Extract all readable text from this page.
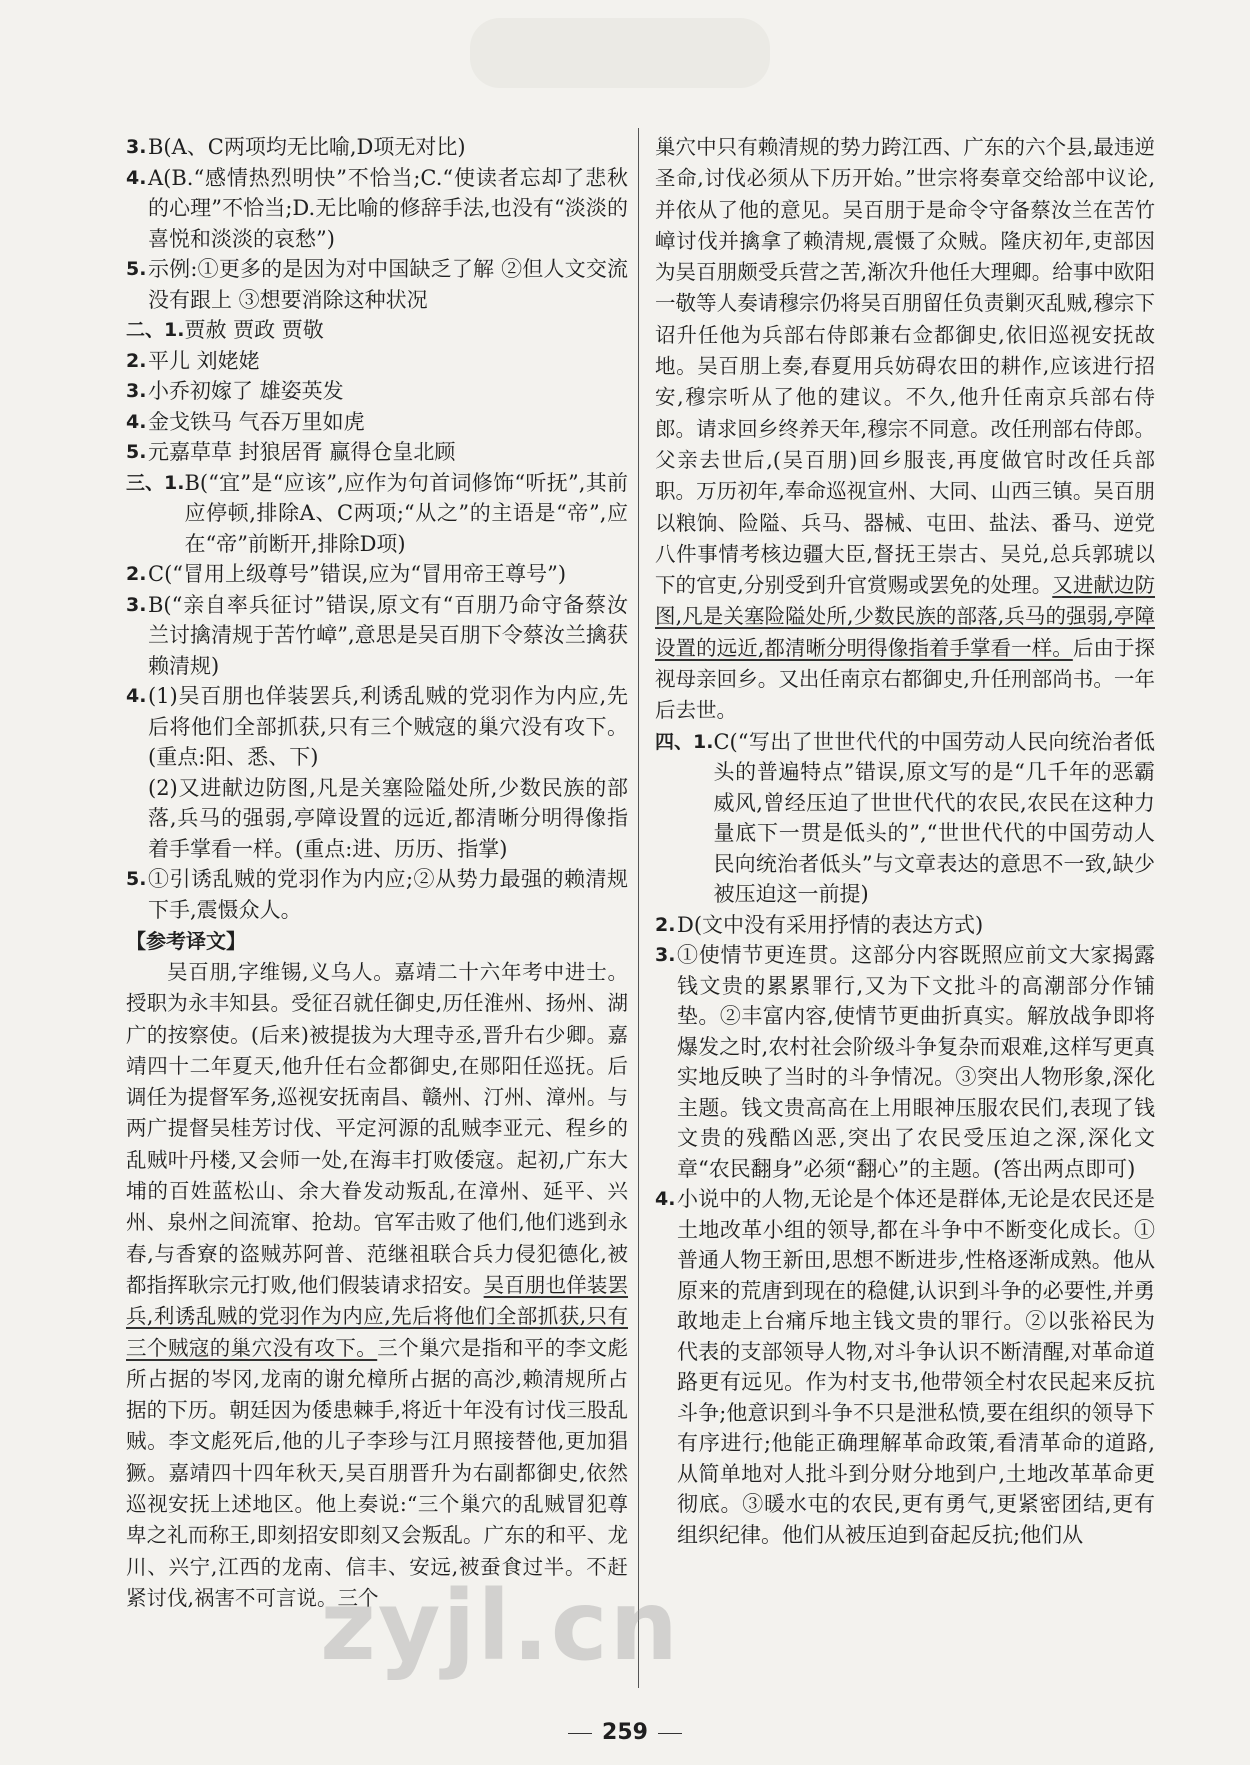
3. B(A、C两项均无比喻,D项无对比)
4. A(B.“感情热烈明快”不恰当;C.“使读者忘却了悲秋的心理”不恰当;D.无比喻的修辞手法,也没有“淡淡的喜悦和淡淡的哀愁”)
5. 示例:①更多的是因为对中国缺乏了解 ②但人文交流没有跟上 ③想要消除这种状况
二、1. 贾赦 贾政 贾敬
2. 平儿 刘姥姥
3. 小乔初嫁了 雄姿英发
4. 金戈铁马 气吞万里如虎
5. 元嘉草草 封狼居胥 赢得仓皇北顾
三、1. B(“宜”是“应该”,应作为句首词修饰“听抚”,其前应停顿,排除A、C两项;“从之”的主语是“帝”,应在“帝”前断开,排除D项)
2. C(“冒用上级尊号”错误,应为“冒用帝王尊号”)
3. B(“亲自率兵征讨”错误,原文有“百朋乃命守备蔡汝兰讨擒清规于苦竹嶂”,意思是吴百朋下令蔡汝兰擒获赖清规)
4. (1)吴百朋也佯装罢兵,利诱乱贼的党羽作为内应,先后将他们全部抓获,只有三个贼寇的巢穴没有攻下。(重点:阳、悉、下)
(2)又进献边防图,凡是关塞险隘处所,少数民族的部落,兵马的强弱,亭障设置的远近,都清晰分明得像指着手掌看一样。(重点:进、历历、指掌)
5. ①引诱乱贼的党羽作为内应;②从势力最强的赖清规下手,震慑众人。
【参考译文】
吴百朋,字维锡,义乌人。嘉靖二十六年考中进士。授职为永丰知县。受征召就任御史,历任淮州、扬州、湖广的按察使。(后来)被提拔为大理寺丞,晋升右少卿。嘉靖四十二年夏天,他升任右佥都御史,在郧阳任巡抚。后调任为提督军务,巡视安抚南昌、赣州、汀州、漳州。与两广提督吴桂芳讨伐、平定河源的乱贼李亚元、程乡的乱贼叶丹楼,又会师一处,在海丰打败倭寇。起初,广东大埔的百姓蓝松山、余大眷发动叛乱,在漳州、延平、兴州、泉州之间流窜、抢劫。官军击败了他们,他们逃到永春,与香寮的盗贼苏阿普、范继祖联合兵力侵犯德化,被都指挥耿宗元打败,他们假装请求招安。吴百朋也佯装罢兵,利诱乱贼的党羽作为内应,先后将他们全部抓获,只有三个贼寇的巢穴没有攻下。三个巢穴是指和平的李文彪所占据的岑冈,龙南的谢允樟所占据的高沙,赖清规所占据的下历。朝廷因为倭患棘手,将近十年没有讨伐三股乱贼。李文彪死后,他的儿子李珍与江月照接替他,更加猖獗。嘉靖四十四年秋天,吴百朋晋升为右副都御史,依然巡视安抚上述地区。他上奏说:“三个巢穴的乱贼冒犯尊卑之礼而称王,即刻招安即刻又会叛乱。广东的和平、龙川、兴宁,江西的龙南、信丰、安远,被蚕食过半。不赶紧讨伐,祸害不可言说。三个
巢穴中只有赖清规的势力跨江西、广东的六个县,最违逆圣命,讨伐必须从下历开始。”世宗将奏章交给部中议论,并依从了他的意见。吴百朋于是命令守备蔡汝兰在苦竹嶂讨伐并擒拿了赖清规,震慑了众贼。隆庆初年,吏部因为吴百朋颇受兵营之苦,渐次升他任大理卿。给事中欧阳一敬等人奏请穆宗仍将吴百朋留任负责剿灭乱贼,穆宗下诏升任他为兵部右侍郎兼右佥都御史,依旧巡视安抚故地。吴百朋上奏,春夏用兵妨碍农田的耕作,应该进行招安,穆宗听从了他的建议。不久,他升任南京兵部右侍郎。请求回乡终养天年,穆宗不同意。改任刑部右侍郎。父亲去世后,(吴百朋)回乡服丧,再度做官时改任兵部职。万历初年,奉命巡视宣州、大同、山西三镇。吴百朋以粮饷、险隘、兵马、器械、屯田、盐法、番马、逆党八件事情考核边疆大臣,督抚王崇古、吴兑,总兵郭琥以下的官吏,分别受到升官赏赐或罢免的处理。又进献边防图,凡是关塞险隘处所,少数民族的部落,兵马的强弱,亭障设置的远近,都清晰分明得像指着手掌看一样。后由于探视母亲回乡。又出任南京右都御史,升任刑部尚书。一年后去世。
四、1. C(“写出了世世代代的中国劳动人民向统治者低头的普遍特点”错误,原文写的是“几千年的恶霸威风,曾经压迫了世世代代的农民,农民在这种力量底下一贯是低头的”,“世世代代的中国劳动人民向统治者低头”与文章表达的意思不一致,缺少被压迫这一前提)
2. D(文中没有采用抒情的表达方式)
3. ①使情节更连贯。这部分内容既照应前文大家揭露钱文贵的累累罪行,又为下文批斗的高潮部分作铺垫。②丰富内容,使情节更曲折真实。解放战争即将爆发之时,农村社会阶级斗争复杂而艰难,这样写更真实地反映了当时的斗争情况。③突出人物形象,深化主题。钱文贵高高在上用眼神压服农民们,表现了钱文贵的残酷凶恶,突出了农民受压迫之深,深化文章“农民翻身”必须“翻心”的主题。(答出两点即可)
4. 小说中的人物,无论是个体还是群体,无论是农民还是土地改革小组的领导,都在斗争中不断变化成长。①普通人物王新田,思想不断进步,性格逐渐成熟。他从原来的荒唐到现在的稳健,认识到斗争的必要性,并勇敢地走上台痛斥地主钱文贵的罪行。②以张裕民为代表的支部领导人物,对斗争认识不断清醒,对革命道路更有远见。作为村支书,他带领全村农民起来反抗斗争;他意识到斗争不只是泄私愤,要在组织的领导下有序进行;他能正确理解革命政策,看清革命的道路,从简单地对人批斗到分财分地到户,土地改革革命更彻底。③暖水屯的农民,更有勇气,更紧密团结,更有组织纪律。他们从被压迫到奋起反抗;他们从
zyjl.cn
259
